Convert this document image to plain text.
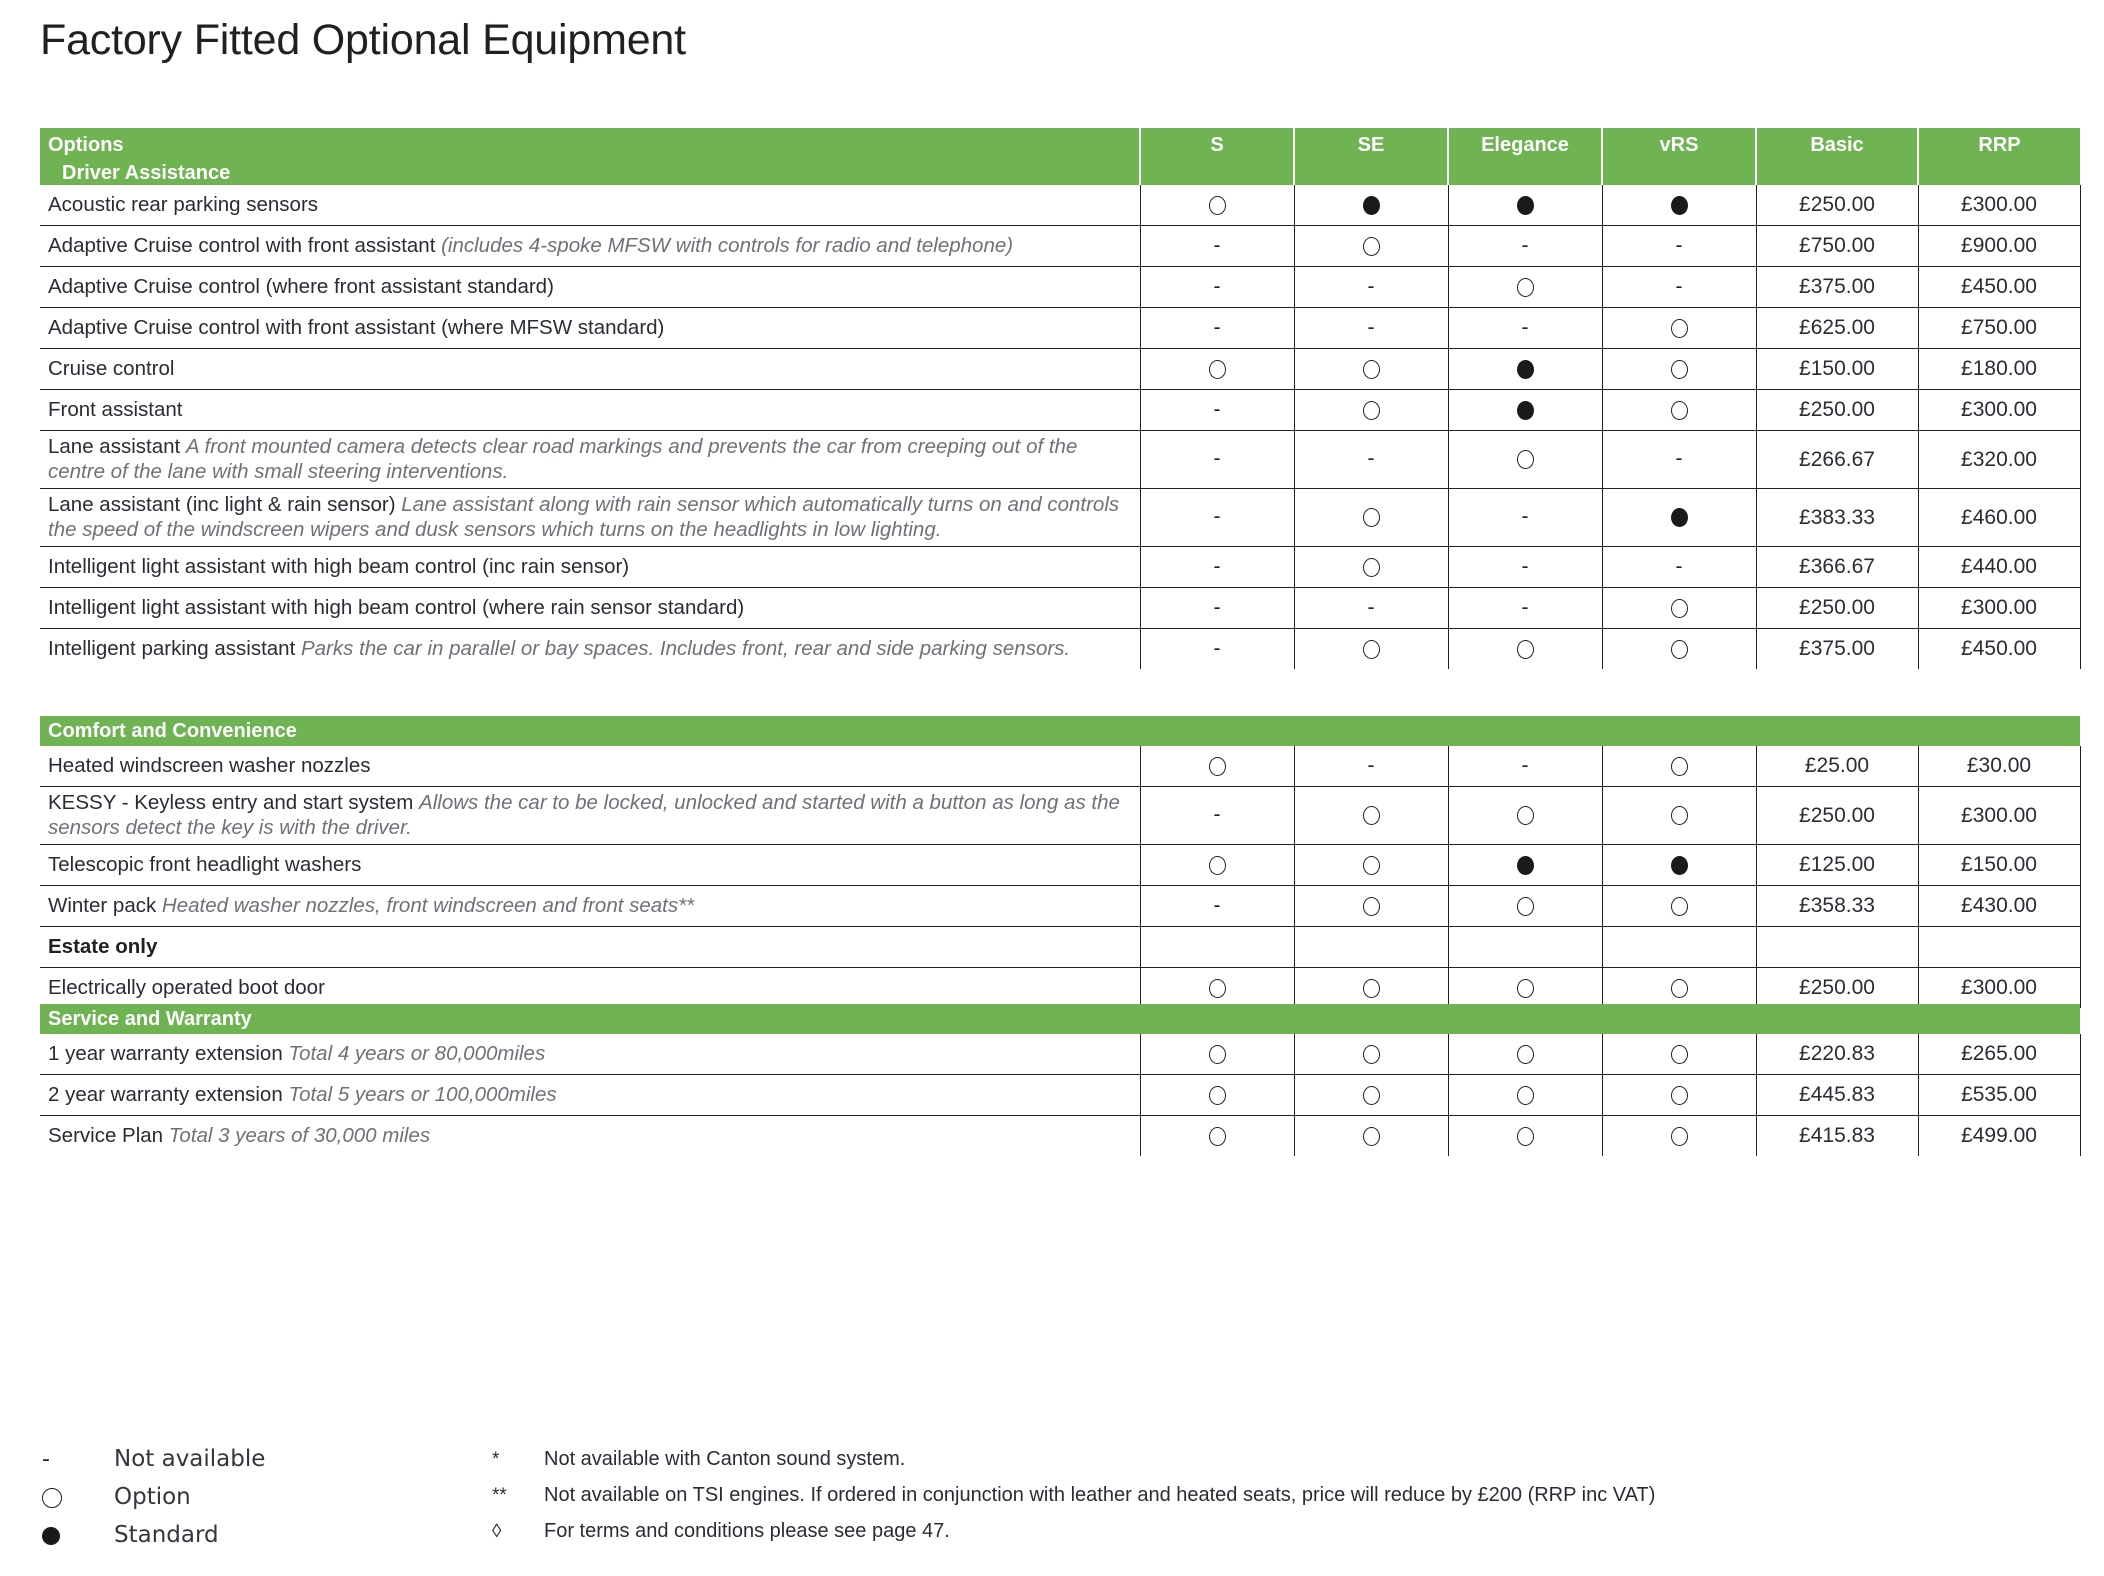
Factory Fitted Optional Equipment
Options	S	SE	Elegance	vRS	Basic	RRP
Driver Assistance						
Acoustic rear parking sensors					£250.00	£300.00
Adaptive Cruise control with front assistant (includes 4-spoke MFSW with controls for radio and telephone)	-		-	-	£750.00	£900.00
Adaptive Cruise control (where front assistant standard)	-	-		-	£375.00	£450.00
Adaptive Cruise control with front assistant (where MFSW standard)	-	-	-		£625.00	£750.00
Cruise control					£150.00	£180.00
Front assistant	-				£250.00	£300.00
Lane assistant A front mounted camera detects clear road markings and prevents the car from creeping out of the centre of the lane with small steering interventions.	-	-		-	£266.67	£320.00
Lane assistant (inc light & rain sensor) Lane assistant along with rain sensor which automatically turns on and controls the speed of the windscreen wipers and dusk sensors which turns on the headlights in low lighting.	-		-		£383.33	£460.00
Intelligent light assistant with high beam control (inc rain sensor)	-		-	-	£366.67	£440.00
Intelligent light assistant with high beam control (where rain sensor standard)	-	-	-		£250.00	£300.00
Intelligent parking assistant Parks the car in parallel or bay spaces. Includes front, rear and side parking sensors.	-				£375.00	£450.00
Comfort and Convenience						
Heated windscreen washer nozzles		-	-		£25.00	£30.00
KESSY - Keyless entry and start system Allows the car to be locked, unlocked and started with a button as long as the sensors detect the key is with the driver.	-				£250.00	£300.00
Telescopic front headlight washers					£125.00	£150.00
Winter pack Heated washer nozzles, front windscreen and front seats**	-				£358.33	£430.00
Estate only						
Electrically operated boot door					£250.00	£300.00
Service and Warranty						
1 year warranty extension Total 4 years or 80,000miles					£220.83	£265.00
2 year warranty extension Total 5 years or 100,000miles					£445.83	£535.00
Service Plan Total 3 years of 30,000 miles					£415.83	£499.00
-	Not available
Option
Standard
*	Not available with Canton sound system.
**	Not available on TSI engines. If ordered in conjunction with leather and heated seats, price will reduce by £200 (RRP inc VAT)
◊	For terms and conditions please see page 47.
